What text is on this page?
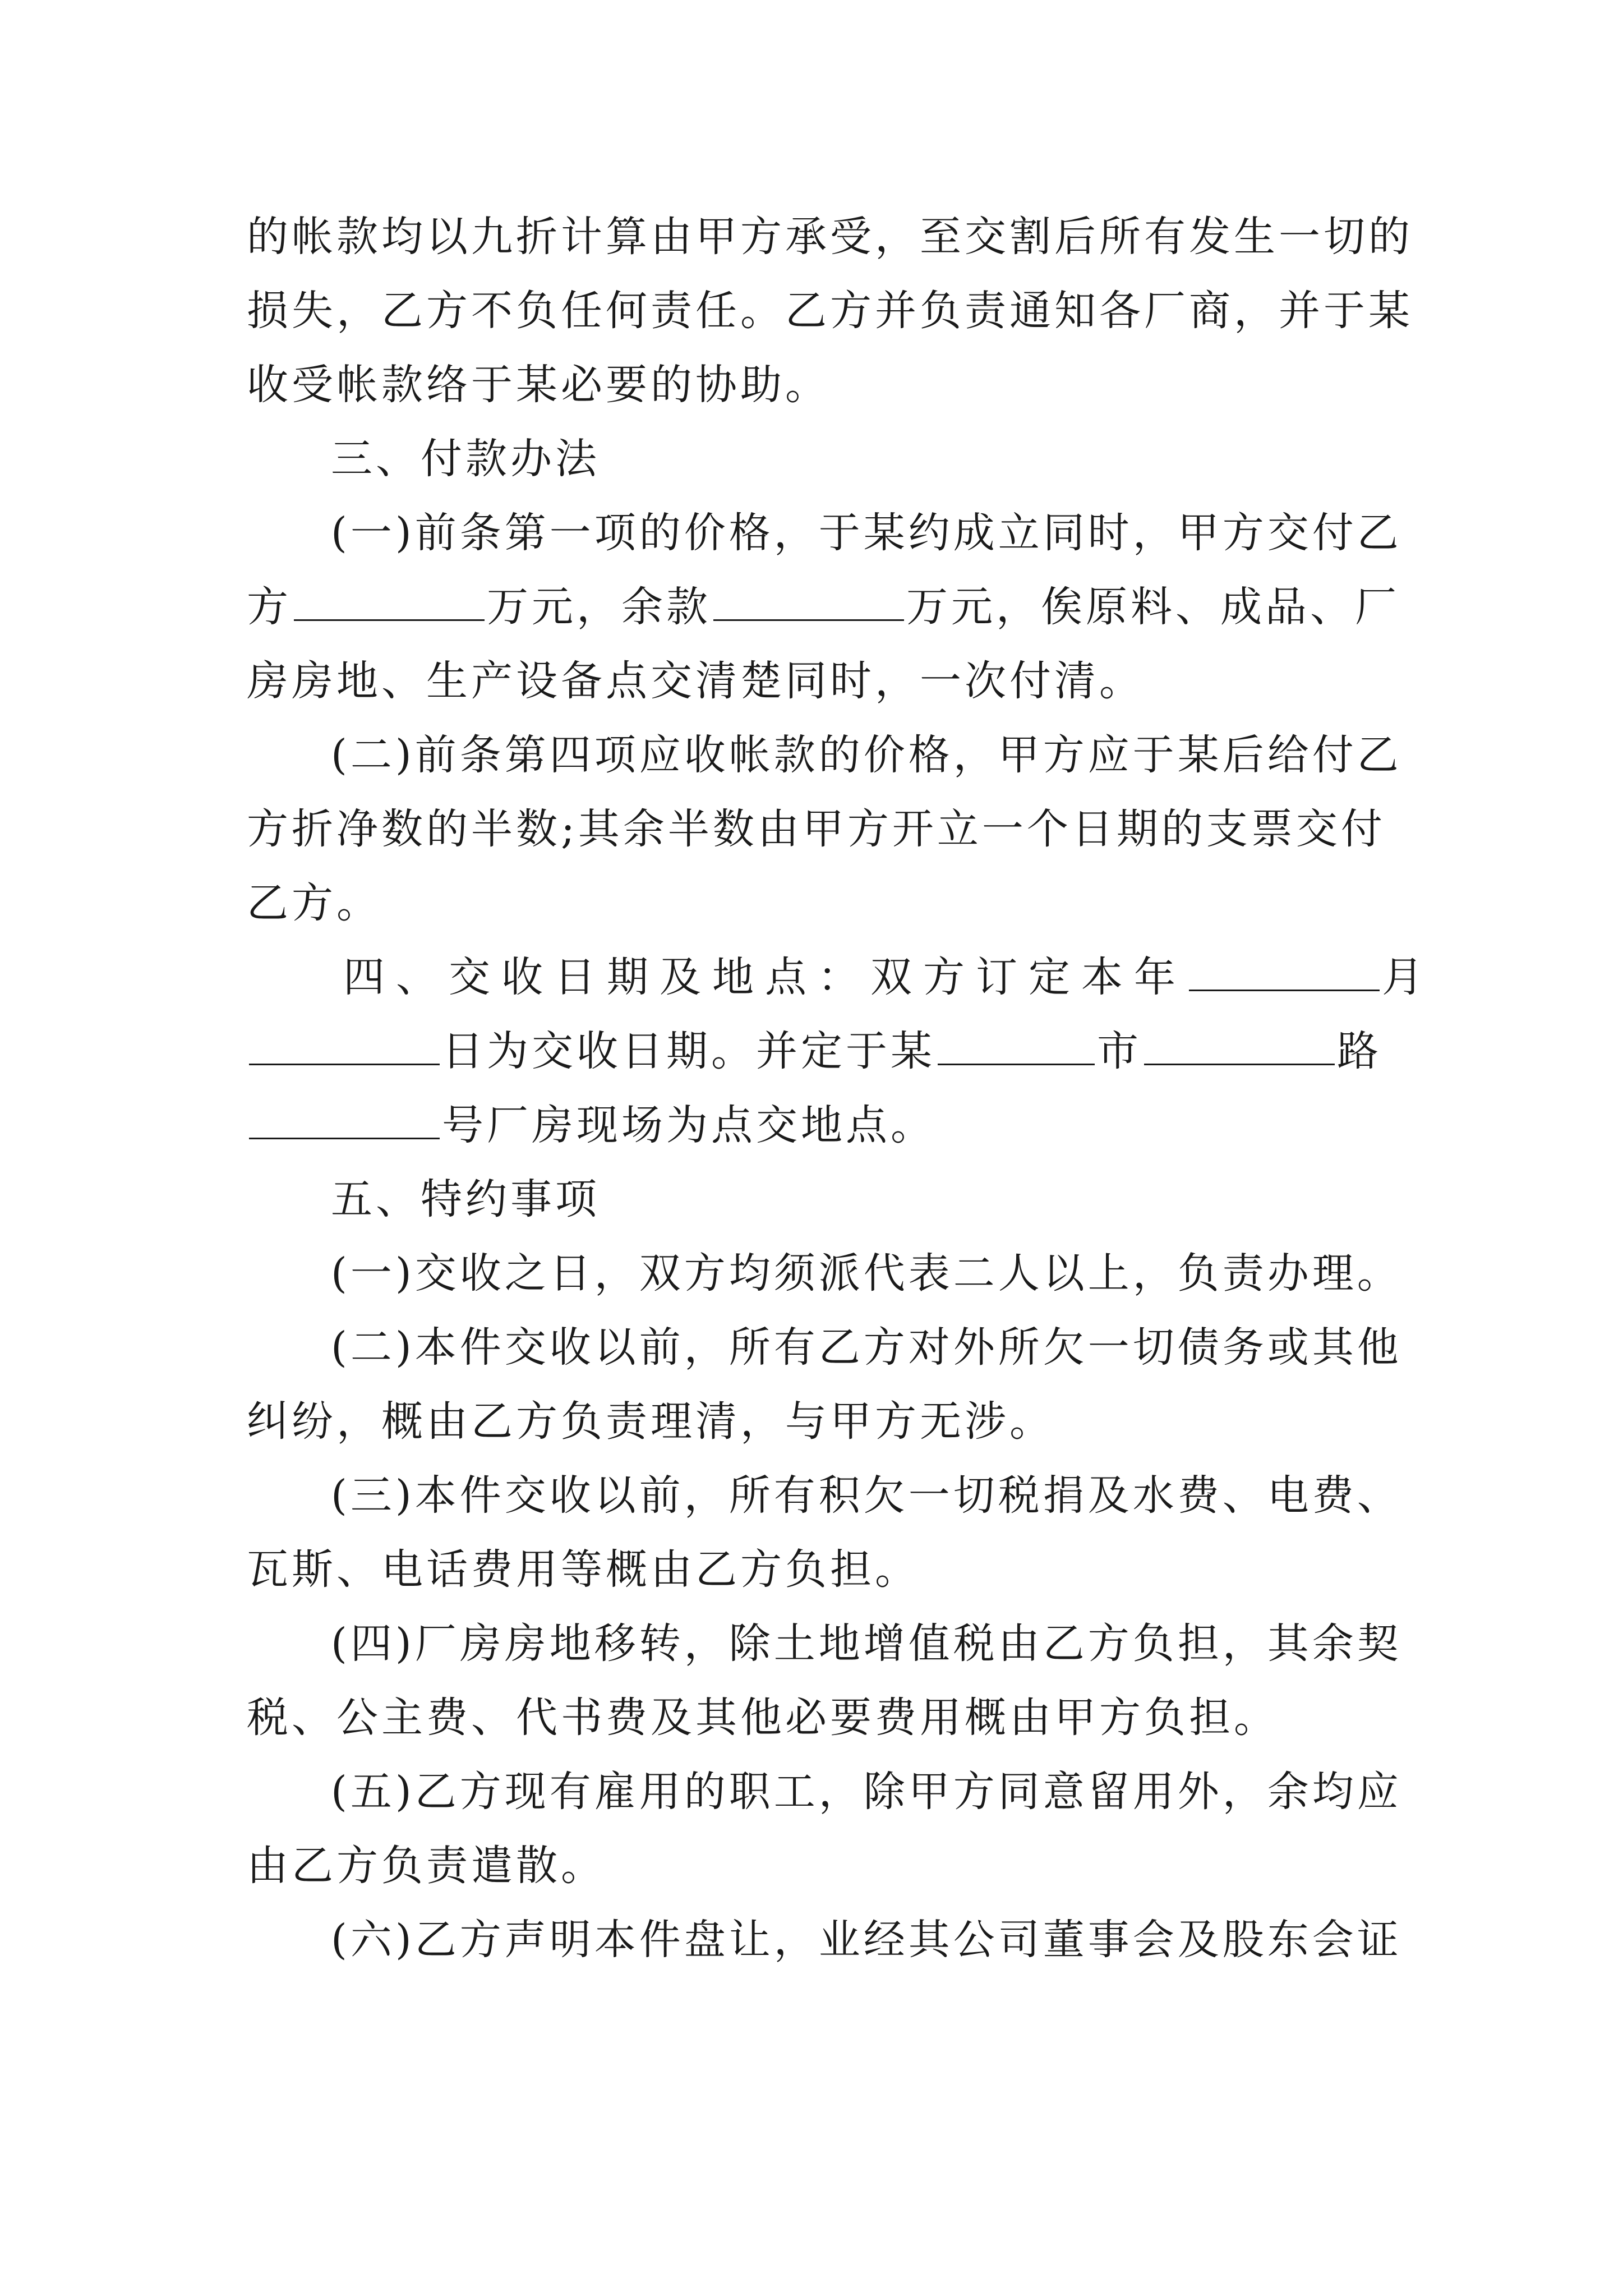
的帐款均以九折计算由甲方承受，至交割后所有发生一切的
损失，乙方不负任何责任。乙方并负责通知各厂商，并于某
收受帐款络于某必要的协助。
三、付款办法
(一)前条第一项的价格，于某约成立同时，甲方交付乙
方	万元，余款	万元，俟原料、成品、厂
房房地、生产设备点交清楚同时，一次付清。
(二)前条第四项应收帐款的价格，甲方应于某后给付乙
方折净数的半数;其余半数由甲方开立一个日期的支票交付
乙方。
四、交收日期及地点：双方订定本年	月
日为交收日期。并定于某	市	路
号厂房现场为点交地点。
五、特约事项
(一)交收之日，双方均须派代表二人以上，负责办理。
(二)本件交收以前，所有乙方对外所欠一切债务或其他
纠纷，概由乙方负责理清，与甲方无涉。
(三)本件交收以前，所有积欠一切税捐及水费、电费、
瓦斯、电话费用等概由乙方负担。
(四)厂房房地移转，除土地增值税由乙方负担，其余契
税、公主费、代书费及其他必要费用概由甲方负担。
(五)乙方现有雇用的职工，除甲方同意留用外，余均应
由乙方负责遣散。
(六)乙方声明本件盘让，业经其公司董事会及股东会证
